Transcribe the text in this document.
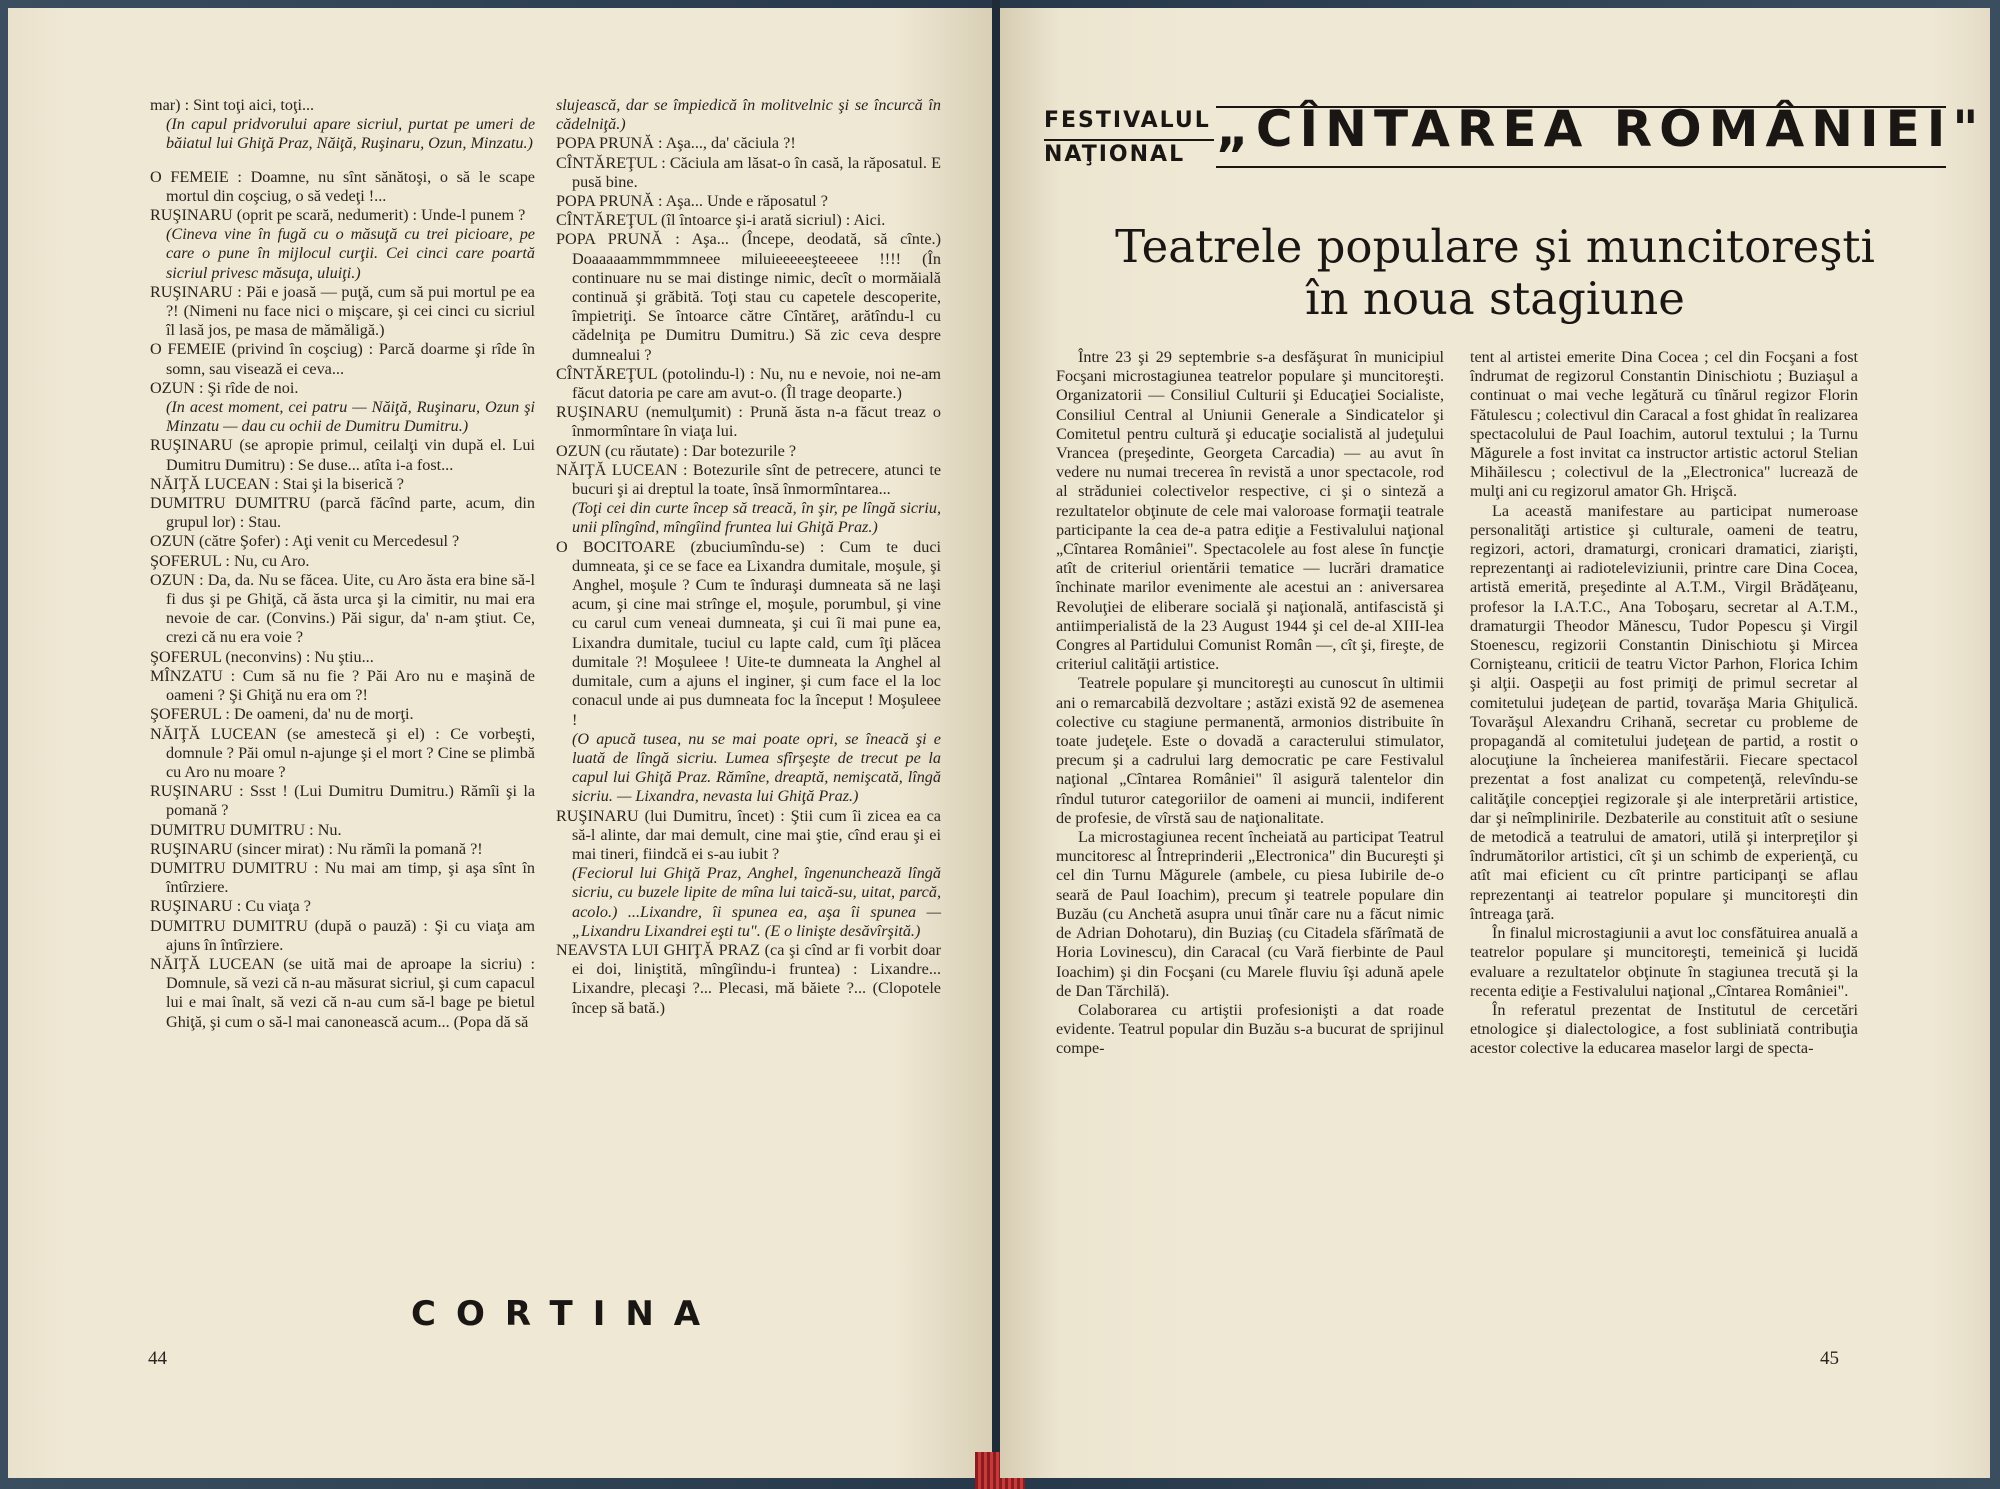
mar) : Sint toţi aici, toţi...

(In capul pridvorului apare sicriul, purtat pe umeri de băiatul lui Ghiţă Praz, Năiţă, Ruşinaru, Ozun, Minzatu.)

O FEMEIE : Doamne, nu sînt sănătoşi, o să le scape mortul din coşciug, o să vedeţi !...

RUŞINARU (oprit pe scară, nedumerit) : Unde-l punem ?

(Cineva vine în fugă cu o măsuţă cu trei picioare, pe care o pune în mijlocul curţii. Cei cinci care poartă sicriul privesc măsuţa, uluiţi.)

RUŞINARU : Păi e joasă — puţă, cum să pui mortul pe ea ?! (Nimeni nu face nici o mişcare, şi cei cinci cu sicriul îl lasă jos, pe masa de mămăligă.)

O FEMEIE (privind în coşciug) : Parcă doarme şi rîde în somn, sau visează ei ceva...

OZUN : Şi rîde de noi.

(In acest moment, cei patru — Năiţă, Ruşinaru, Ozun şi Minzatu — dau cu ochii de Dumitru Dumitru.)

RUŞINARU (se apropie primul, ceilalţi vin după el. Lui Dumitru Dumitru) : Se duse... atîta i-a fost...

NĂIŢĂ LUCEAN : Stai şi la biserică ?

DUMITRU DUMITRU (parcă făcînd parte, acum, din grupul lor) : Stau.

OZUN (către Şofer) : Aţi venit cu Mercedesul ?

ŞOFERUL : Nu, cu Aro.

OZUN : Da, da. Nu se făcea. Uite, cu Aro ăsta era bine să-l fi dus şi pe Ghiţă, că ăsta urca şi la cimitir, nu mai era nevoie de car. (Convins.) Păi sigur, da' n-am ştiut. Ce, crezi că nu era voie ?

ŞOFERUL (neconvins) : Nu ştiu...

MÎNZATU : Cum să nu fie ? Păi Aro nu e maşină de oameni ? Şi Ghiţă nu era om ?!

ŞOFERUL : De oameni, da' nu de morţi.

NĂIŢĂ LUCEAN (se amestecă şi el) : Ce vorbeşti, domnule ? Păi omul n-ajunge şi el mort ? Cine se plimbă cu Aro nu moare ?

RUŞINARU : Ssst ! (Lui Dumitru Dumitru.) Rămîi şi la pomană ?

DUMITRU DUMITRU : Nu.

RUŞINARU (sincer mirat) : Nu rămîi la pomană ?!

DUMITRU DUMITRU : Nu mai am timp, şi aşa sînt în întîrziere.

RUŞINARU : Cu viaţa ?

DUMITRU DUMITRU (după o pauză) : Şi cu viaţa am ajuns în întîrziere.

NĂIŢĂ LUCEAN (se uită mai de aproape la sicriu) : Domnule, să vezi că n-au măsurat sicriul, şi cum capacul lui e mai înalt, să vezi că n-au cum să-l bage pe bietul Ghiţă, şi cum o să-l mai canonească acum... (Popa dă să

slujească, dar se împiedică în molitvelnic şi se încurcă în cădelniţă.)

POPA PRUNĂ : Aşa..., da' căciula ?!

CÎNTĂREŢUL : Căciula am lăsat-o în casă, la răposatul. E pusă bine.

POPA PRUNĂ : Aşa... Unde e răposatul ?

CÎNTĂREŢUL (îl întoarce şi-i arată sicriul) : Aici.

POPA PRUNĂ : Aşa... (Începe, deodată, să cînte.) Doaaaaammmmmneee miluieeeeeşteeeee !!!! (În continuare nu se mai distinge nimic, decît o mormăială continuă şi grăbită. Toţi stau cu capetele descoperite, împietriţi. Se întoarce către Cîntăreţ, arătîndu-l cu cădelniţa pe Dumitru Dumitru.) Să zic ceva despre dumnealui ?

CÎNTĂREŢUL (potolindu-l) : Nu, nu e nevoie, noi ne-am făcut datoria pe care am avut-o. (Îl trage deoparte.)

RUŞINARU (nemulţumit) : Prună ăsta n-a făcut treaz o înmormîntare în viaţa lui.

OZUN (cu răutate) : Dar botezurile ?

NĂIŢĂ LUCEAN : Botezurile sînt de petrecere, atunci te bucuri şi ai dreptul la toate, însă înmormîntarea...

(Toţi cei din curte încep să treacă, în şir, pe lîngă sicriu, unii plîngînd, mîngîind fruntea lui Ghiţă Praz.)

O BOCITOARE (zbuciumîndu-se) : Cum te duci dumneata, şi ce se face ea Lixandra dumitale, moşule, şi Anghel, moşule ? Cum te înduraşi dumneata să ne laşi acum, şi cine mai strînge el, moşule, porumbul, şi vine cu carul cum veneai dumneata, şi cui îi mai pune ea, Lixandra dumitale, tuciul cu lapte cald, cum îţi plăcea dumitale ?! Moşuleee ! Uite-te dumneata la Anghel al dumitale, cum a ajuns el inginer, şi cum face el la loc conacul unde ai pus dumneata foc la început ! Moşuleee !

(O apucă tusea, nu se mai poate opri, se îneacă şi e luată de lîngă sicriu. Lumea sfîrşeşte de trecut pe la capul lui Ghiţă Praz. Rămîne, dreaptă, nemişcată, lîngă sicriu. — Lixandra, nevasta lui Ghiţă Praz.)

RUŞINARU (lui Dumitru, încet) : Ştii cum îi zicea ea ca să-l alinte, dar mai demult, cine mai ştie, cînd erau şi ei mai tineri, fiindcă ei s-au iubit ?

(Feciorul lui Ghiţă Praz, Anghel, îngenunchează lîngă sicriu, cu buzele lipite de mîna lui taică-su, uitat, parcă, acolo.) ...Lixandre, îi spunea ea, aşa îi spunea — „Lixandru Lixandrei eşti tu". (E o linişte desăvîrşită.)

NEAVSTA LUI GHIŢĂ PRAZ (ca şi cînd ar fi vorbit doar ei doi, liniştită, mîngîindu-i fruntea) : Lixandre... Lixandre, plecaşi ?... Plecasi, mă băiete ?... (Clopotele încep să bată.)

CORTINA
44
FESTIVALUL
NAŢIONAL „CÎNTAREA ROMÂNIEI"
Teatrele populare şi muncitoreşti
în noua stagiune

Între 23 şi 29 septembrie s-a desfăşurat în municipiul Focşani microstagiunea teatrelor populare şi muncitoreşti. Organizatorii — Consiliul Culturii şi Educaţiei Socialiste, Consiliul Central al Uniunii Generale a Sindicatelor şi Comitetul pentru cultură şi educaţie socialistă al judeţului Vrancea (preşedinte, Georgeta Carcadia) — au avut în vedere nu numai trecerea în revistă a unor spectacole, rod al străduniei colectivelor respective, ci şi o sinteză a rezultatelor obţinute de cele mai valoroase formaţii teatrale participante la cea de-a patra ediţie a Festivalului naţional „Cîntarea României". Spectacolele au fost alese în funcţie atît de criteriul orientării tematice — lucrări dramatice închinate marilor evenimente ale acestui an : aniversarea Revoluţiei de eliberare socială şi naţională, antifascistă şi antiimperialistă de la 23 August 1944 şi cel de-al XIII-lea Congres al Partidului Comunist Român —, cît şi, fireşte, de criteriul calităţii artistice.

Teatrele populare şi muncitoreşti au cunoscut în ultimii ani o remarcabilă dezvoltare ; astăzi există 92 de asemenea colective cu stagiune permanentă, armonios distribuite în toate judeţele. Este o dovadă a caracterului stimulator, precum şi a cadrului larg democratic pe care Festivalul naţional „Cîntarea României" îl asigură talentelor din rîndul tuturor categoriilor de oameni ai muncii, indiferent de profesie, de vîrstă sau de naţionalitate.

La microstagiunea recent încheiată au participat Teatrul muncitoresc al Întreprinderii „Electronica" din Bucureşti şi cel din Turnu Măgurele (ambele, cu piesa Iubirile de-o seară de Paul Ioachim), precum şi teatrele populare din Buzău (cu Anchetă asupra unui tînăr care nu a făcut nimic de Adrian Dohotaru), din Buziaş (cu Citadela sfărîmată de Horia Lovinescu), din Caracal (cu Vară fierbinte de Paul Ioachim) şi din Focşani (cu Marele fluviu îşi adună apele de Dan Tărchilă).

Colaborarea cu artiştii profesionişti a dat roade evidente. Teatrul popular din Buzău s-a bucurat de sprijinul compe-

tent al artistei emerite Dina Cocea ; cel din Focşani a fost îndrumat de regizorul Constantin Dinischiotu ; Buziaşul a continuat o mai veche legătură cu tînărul regizor Florin Fătulescu ; colectivul din Caracal a fost ghidat în realizarea spectacolului de Paul Ioachim, autorul textului ; la Turnu Măgurele a fost invitat ca instructor artistic actorul Stelian Mihăilescu ; colectivul de la „Electronica" lucrează de mulţi ani cu regizorul amator Gh. Hrişcă.

La această manifestare au participat numeroase personalităţi artistice şi culturale, oameni de teatru, regizori, actori, dramaturgi, cronicari dramatici, ziarişti, reprezentanţi ai radioteleviziunii, printre care Dina Cocea, artistă emerită, preşedinte al A.T.M., Virgil Brădăţeanu, profesor la I.A.T.C., Ana Toboşaru, secretar al A.T.M., dramaturgii Theodor Mănescu, Tudor Popescu şi Virgil Stoenescu, regizorii Constantin Dinischiotu şi Mircea Cornişteanu, criticii de teatru Victor Parhon, Florica Ichim şi alţii. Oaspeţii au fost primiţi de primul secretar al comitetului judeţean de partid, tovarăşa Maria Ghiţulică. Tovarăşul Alexandru Crihană, secretar cu probleme de propagandă al comitetului judeţean de partid, a rostit o alocuţiune la încheierea manifestării. Fiecare spectacol prezentat a fost analizat cu competenţă, relevîndu-se calităţile concepţiei regizorale şi ale interpretării artistice, dar şi neîmplinirile. Dezbaterile au constituit atît o sesiune de metodică a teatrului de amatori, utilă şi interpreţilor şi îndrumătorilor artistici, cît şi un schimb de experienţă, cu atît mai eficient cu cît printre participanţi se aflau reprezentanţi ai teatrelor populare şi muncitoreşti din întreaga ţară.

În finalul microstagiunii a avut loc consfătuirea anuală a teatrelor populare şi muncitoreşti, temeinică şi lucidă evaluare a rezultatelor obţinute în stagiunea trecută şi la recenta ediţie a Festivalului naţional „Cîntarea României".

În referatul prezentat de Institutul de cercetări etnologice şi dialectologice, a fost subliniată contribuţia acestor colective la educarea maselor largi de specta-

45
